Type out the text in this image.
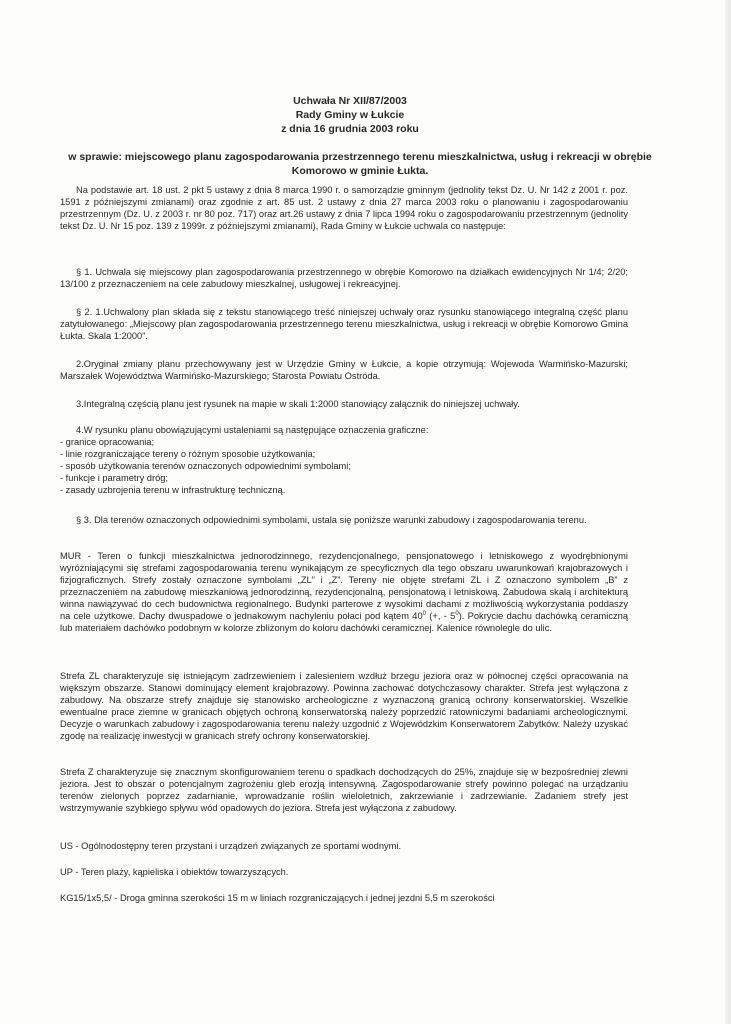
Uchwała Nr XII/87/2003
Rady Gminy w Łukcie
z dnia 16 grudnia 2003 roku
w sprawie: miejscowego planu zagospodarowania przestrzennego terenu mieszkalnictwa, usług i rekreacji w obrębie Komorowo w gminie Łukta.
Na podstawie art. 18 ust. 2 pkt 5 ustawy z dnia 8 marca 1990 r. o samorządzie gminnym (jednolity tekst Dz. U. Nr 142 z 2001 r. poz. 1591 z późniejszymi zmianami) oraz zgodnie z art. 85 ust. 2 ustawy z dnia 27 marca 2003 roku o planowaniu i zagospodarowaniu przestrzennym (Dz. U. z 2003 r. nr 80 poz. 717) oraz art.26 ustawy z dnia 7 lipca 1994 roku o zagospodarowaniu przestrzennym (jednolity tekst Dz. U. Nr 15 poz. 139 z 1999r. z późniejszymi zmianami), Rada Gminy w Łukcie uchwala co następuje:
§ 1. Uchwala się miejscowy plan zagospodarowania przestrzennego w obrębie Komorowo na działkach ewidencyjnych Nr 1/4; 2/20; 13/100 z przeznaczeniem na cele zabudowy mieszkalnej, usługowej i rekreacyjnej.
§ 2. 1.Uchwalony plan składa się z tekstu stanowiącego treść niniejszej uchwały oraz rysunku stanowiącego integralną część planu zatytułowanego: „Miejscowy plan zagospodarowania przestrzennego terenu mieszkalnictwa, usług i rekreacji w obrębie Komorowo Gmina Łukta. Skala 1:2000”.
2.Oryginał zmiany planu przechowywany jest w Urzędzie Gminy w Łukcie, a kopie otrzymują: Wojewoda Warmińsko-Mazurski; Marszałek Województwa Warmińsko-Mazurskiego; Starosta Powiatu Ostróda.
3.Integralną częścią planu jest rysunek na mapie w skali 1:2000 stanowiący załącznik do niniejszej uchwały.
4.W rysunku planu obowiązującymi ustaleniami są następujące oznaczenia graficzne:
- granice opracowania;
- linie rozgraniczające tereny o różnym sposobie użytkowania;
- sposób użytkowania terenów oznaczonych odpowiednimi symbolami;
- funkcje i parametry dróg;
- zasady uzbrojenia terenu w infrastrukturę techniczną.
§ 3. Dla terenów oznaczonych odpowiednimi symbolami, ustala się poniższe warunki zabudowy i zagospodarowania terenu.
MUR - Teren o funkcji mieszkalnictwa jednorodzinnego, rezydencjonalnego, pensjonatowego i letniskowego z wyodrębnionymi wyróżniającymi się strefami zagospodarowania terenu wynikającym ze specyficznych dla tego obszaru uwarunkowań krajobrazowych i fizjograficznych. Strefy zostały oznaczone symbolami „ZL” i „Z”. Tereny nie objęte strefami ZL i Z oznaczono symbolem „B” z przeznaczeniem na zabudowę mieszkaniową jednorodzinną, rezydencjonalną, pensjonatową i letniskową. Zabudowa skalą i architekturą winna nawiązywać do cech budownictwa regionalnego. Budynki parterowe z wysokimi dachami z możliwością wykorzystania poddaszy na cele użytkowe. Dachy dwuspadowe o jednakowym nachyleniu połaci pod kątem $40^0$ (+, - $5^0$). Pokrycie dachu dachówką ceramiczną lub materiałem dachówko podobnym w kolorze zbliżonym do koloru dachówki ceramicznej. Kalenice równolegle do ulic.
Strefa ZL charakteryzuje się istniejącym zadrzewieniem i zalesieniem wzdłuż brzegu jeziora oraz w północnej części opracowania na większym obszarze. Stanowi dominujący element krajobrazowy. Powinna zachować dotychczasowy charakter. Strefa jest wyłączona z zabudowy. Na obszarze strefy znajduje się stanowisko archeologiczne z wyznaczoną granicą ochrony konserwatorskiej. Wszelkie ewentualne prace ziemne w granicach objętych ochroną konserwatorską należy poprzedzić ratowniczymi badaniami archeologicznymi. Decyzje o warunkach zabudowy i zagospodarowania terenu należy uzgodnić z Wojewódzkim Konserwatorem Zabytków. Należy uzyskać zgodę na realizację inwestycji w granicach strefy ochrony konserwatorskiej.
Strefa Z charakteryzuje się znacznym skonfigurowaniem terenu o spadkach dochodzących do 25%, znajduje się w bezpośredniej zlewni jeziora. Jest to obszar o potencjalnym zagrożeniu gleb erozją intensywną. Zagospodarowanie strefy powinno polegać na urządzaniu terenów zielonych poprzez zadarnianie, wprowadzanie roślin wieloletnich, zakrzewianie i zadrzewianie. Zadaniem strefy jest wstrzymywanie szybkiego spływu wód opadowych do jeziora. Strefa jest wyłączona z zabudowy.
US - Ogólnodostępny teren przystani i urządzeń związanych ze sportami wodnymi.
UP - Teren plaży, kąpieliska i obiektów towarzyszących.
KG15/1x5,5/ - Droga gminna szerokości 15 m w liniach rozgraniczających i jednej jezdni 5,5 m szerokości
